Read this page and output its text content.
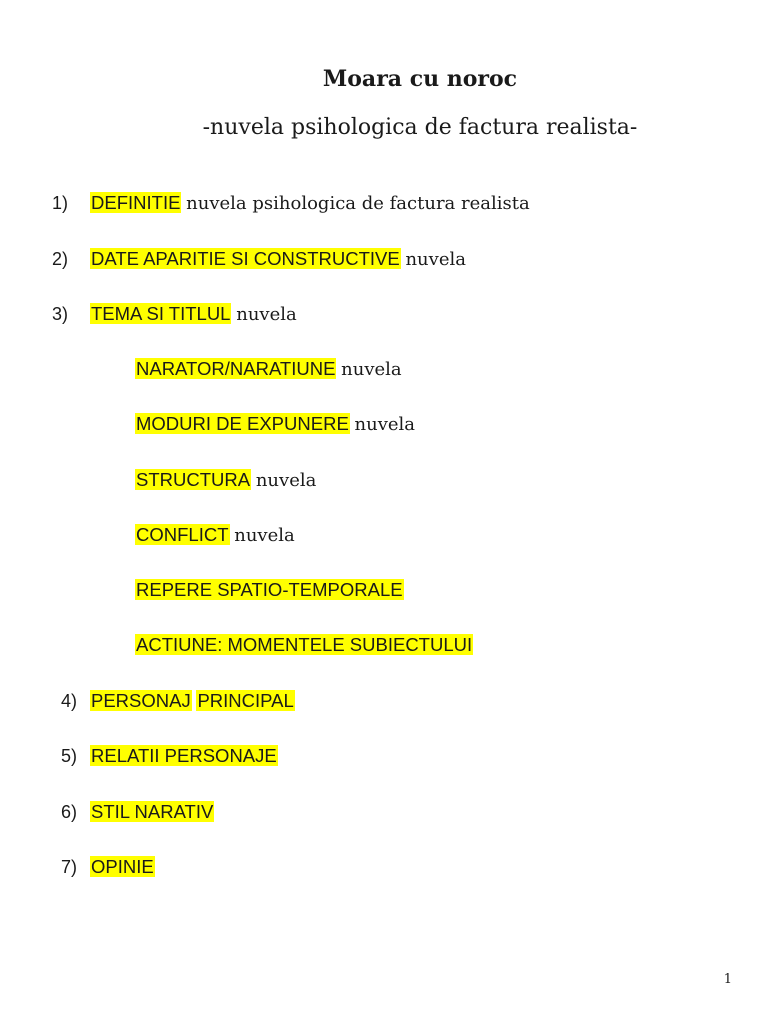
Moara cu noroc
-nuvela psihologica de factura realista-
1) DEFINITIE nuvela psihologica de factura realista
2) DATE APARITIE SI CONSTRUCTIVE nuvela
3) TEMA SI TITLUL nuvela
NARATOR/NARATIUNE nuvela
MODURI DE EXPUNERE nuvela
STRUCTURA nuvela
CONFLICT nuvela
REPERE SPATIO-TEMPORALE
ACTIUNE: MOMENTELE SUBIECTULUI
4) PERSONAJ PRINCIPAL
5) RELATII PERSONAJE
6) STIL NARATIV
7) OPINIE
1
